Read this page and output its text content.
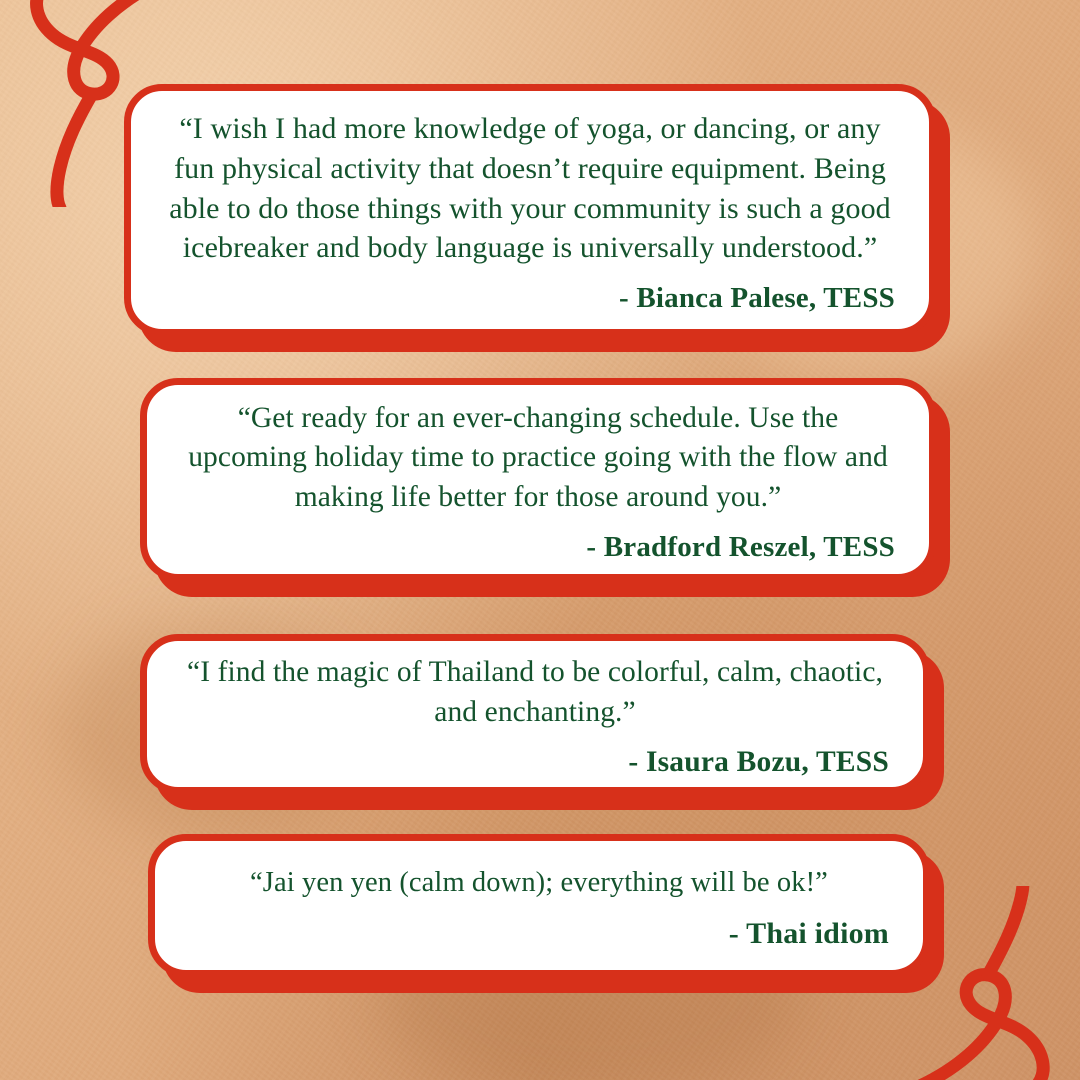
“I wish I had more knowledge of yoga, or dancing, or any fun physical activity that doesn’t require equipment. Being able to do those things with your community is such a good icebreaker and body language is universally understood.”

- Bianca Palese, TESS

“Get ready for an ever-changing schedule. Use the upcoming holiday time to practice going with the flow and making life better for those around you.”

- Bradford Reszel, TESS

“I find the magic of Thailand to be colorful, calm, chaotic, and enchanting.”

- Isaura Bozu, TESS

“Jai yen yen (calm down); everything will be ok!”

- Thai idiom
